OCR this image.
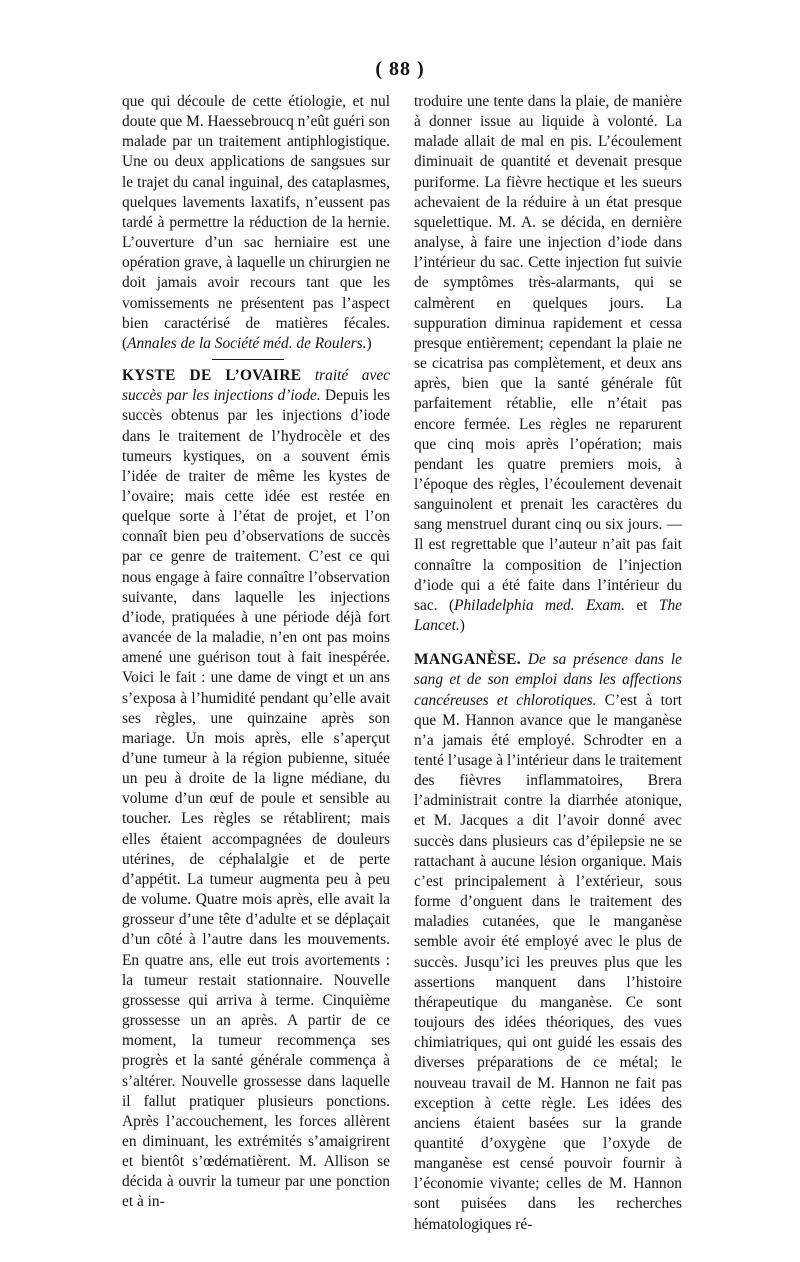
( 88 )

que qui découle de cette étiologie, et nul doute que M. Haessebroucq n’eût guéri son malade par un traitement antiphlogistique. Une ou deux applications de sangsues sur le trajet du canal inguinal, des cataplasmes, quelques lavements laxatifs, n’eussent pas tardé à permettre la réduction de la hernie. L’ouverture d’un sac herniaire est une opération grave, à laquelle un chirurgien ne doit jamais avoir recours tant que les vomissements ne présentent pas l’aspect bien caractérisé de matières fécales. (Annales de la Société méd. de Roulers.)

KYSTE DE L’OVAIRE traité avec succès par les injections d’iode. Depuis les succès obtenus par les injections d’iode dans le traitement de l’hydrocèle et des tumeurs kystiques, on a souvent émis l’idée de traiter de même les kystes de l’ovaire; mais cette idée est restée en quelque sorte à l’état de projet, et l’on connaît bien peu d’observations de succès par ce genre de traitement. C’est ce qui nous engage à faire connaître l’observation suivante, dans laquelle les injections d’iode, pratiquées à une période déjà fort avancée de la maladie, n’en ont pas moins amené une guérison tout à fait inespérée. Voici le fait : une dame de vingt et un ans s’exposa à l’humidité pendant qu’elle avait ses règles, une quinzaine après son mariage. Un mois après, elle s’aperçut d’une tumeur à la région pubienne, située un peu à droite de la ligne médiane, du volume d’un œuf de poule et sensible au toucher. Les règles se rétablirent; mais elles étaient accompagnées de douleurs utérines, de céphalalgie et de perte d’appétit. La tumeur augmenta peu à peu de volume. Quatre mois après, elle avait la grosseur d’une tête d’adulte et se déplaçait d’un côté à l’autre dans les mouvements. En quatre ans, elle eut trois avortements : la tumeur restait stationnaire. Nouvelle grossesse qui arriva à terme. Cinquième grossesse un an après. A partir de ce moment, la tumeur recommença ses progrès et la santé générale commença à s’altérer. Nouvelle grossesse dans laquelle il fallut pratiquer plusieurs ponctions. Après l’accouchement, les forces allèrent en diminuant, les extrémités s’amaigrirent et bientôt s’œdématièrent. M. Allison se décida à ouvrir la tumeur par une ponction et à in-

troduire une tente dans la plaie, de manière à donner issue au liquide à volonté. La malade allait de mal en pis. L’écoulement diminuait de quantité et devenait presque puriforme. La fièvre hectique et les sueurs achevaient de la réduire à un état presque squelettique. M. A. se décida, en dernière analyse, à faire une injection d’iode dans l’intérieur du sac. Cette injection fut suivie de symptômes très-alarmants, qui se calmèrent en quelques jours. La suppuration diminua rapidement et cessa presque entièrement; cependant la plaie ne se cicatrisa pas complètement, et deux ans après, bien que la santé générale fût parfaitement rétablie, elle n’était pas encore fermée. Les règles ne reparurent que cinq mois après l’opération; mais pendant les quatre premiers mois, à l’époque des règles, l’écoulement devenait sanguinolent et prenait les caractères du sang menstruel durant cinq ou six jours. —Il est regrettable que l’auteur n’ait pas fait connaître la composition de l’injection d’iode qui a été faite dans l’intérieur du sac. (Philadelphia med. Exam. et The Lancet.)

MANGANÈSE. De sa présence dans le sang et de son emploi dans les affections cancéreuses et chlorotiques. C’est à tort que M. Hannon avance que le manganèse n’a jamais été employé. Schrodter en a tenté l’usage à l’intérieur dans le traitement des fièvres inflammatoires, Brera l’administrait contre la diarrhée atonique, et M. Jacques a dit l’avoir donné avec succès dans plusieurs cas d’épilepsie ne se rattachant à aucune lésion organique. Mais c’est principalement à l’extérieur, sous forme d’onguent dans le traitement des maladies cutanées, que le manganèse semble avoir été employé avec le plus de succès. Jusqu’ici les preuves plus que les assertions manquent dans l’histoire thérapeutique du manganèse. Ce sont toujours des idées théoriques, des vues chimiatriques, qui ont guidé les essais des diverses préparations de ce métal; le nouveau travail de M. Hannon ne fait pas exception à cette règle. Les idées des anciens étaient basées sur la grande quantité d’oxygène que l’oxyde de manganèse est censé pouvoir fournir à l’économie vivante; celles de M. Hannon sont puisées dans les recherches hématologiques ré-
